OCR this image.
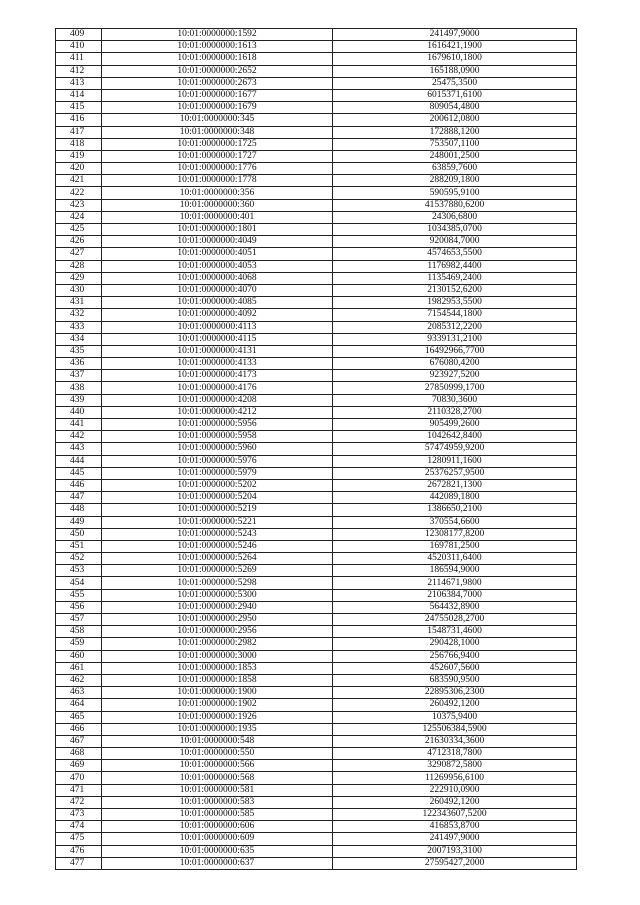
409	10:01:0000000:1592	241497,9000
410	10:01:0000000:1613	1616421,1900
411	10:01:0000000:1618	1679610,1800
412	10:01:0000000:2652	165188,0900
413	10:01:0000000:2673	25475,3500
414	10:01:0000000:1677	6015371,6100
415	10:01:0000000:1679	809054,4800
416	10:01:0000000:345	200612,0800
417	10:01:0000000:348	172888,1200
418	10:01:0000000:1725	753507,1100
419	10:01:0000000:1727	248001,2500
420	10:01:0000000:1776	63859,7600
421	10:01:0000000:1778	288209,1800
422	10:01:0000000:356	590595,9100
423	10:01:0000000:360	41537880,6200
424	10:01:0000000:401	24306,6800
425	10:01:0000000:1801	1034385,0700
426	10:01:0000000:4049	920084,7000
427	10:01:0000000:4051	4574653,5500
428	10:01:0000000:4053	1176982,4400
429	10:01:0000000:4068	1135469,2400
430	10:01:0000000:4070	2130152,6200
431	10:01:0000000:4085	1982953,5500
432	10:01:0000000:4092	7154544,1800
433	10:01:0000000:4113	2085312,2200
434	10:01:0000000:4115	9339131,2100
435	10:01:0000000:4131	16492966,7700
436	10:01:0000000:4133	676080,4200
437	10:01:0000000:4173	923927,5200
438	10:01:0000000:4176	27850999,1700
439	10:01:0000000:4208	70830,3600
440	10:01:0000000:4212	2110328,2700
441	10:01:0000000:5956	905499,2600
442	10:01:0000000:5958	1042642,8400
443	10:01:0000000:5960	57474959,9200
444	10:01:0000000:5976	1280911,1600
445	10:01:0000000:5979	25376257,9500
446	10:01:0000000:5202	2672821,1300
447	10:01:0000000:5204	442089,1800
448	10:01:0000000:5219	1386650,2100
449	10:01:0000000:5221	370554,6600
450	10:01:0000000:5243	12308177,8200
451	10:01:0000000:5246	169781,2500
452	10:01:0000000:5264	4520311,6400
453	10:01:0000000:5269	186594,9000
454	10:01:0000000:5298	2114671,9800
455	10:01:0000000:5300	2106384,7000
456	10:01:0000000:2940	564432,8900
457	10:01:0000000:2950	24755028,2700
458	10:01:0000000:2956	1548731,4600
459	10:01:0000000:2982	290428,1000
460	10:01:0000000:3000	256766,9400
461	10:01:0000000:1853	452607,5600
462	10:01:0000000:1858	683590,9500
463	10:01:0000000:1900	22895306,2300
464	10:01:0000000:1902	260492,1200
465	10:01:0000000:1926	10375,9400
466	10:01:0000000:1935	125506384,5900
467	10:01:0000000:548	21630334,3600
468	10:01:0000000:550	4712318,7800
469	10:01:0000000:566	3290872,5800
470	10:01:0000000:568	11269956,6100
471	10:01:0000000:581	222910,0900
472	10:01:0000000:583	260492,1200
473	10:01:0000000:585	122343607,5200
474	10:01:0000000:606	416853,8700
475	10:01:0000000:609	241497,9000
476	10:01:0000000:635	2007193,3100
477	10:01:0000000:637	27595427,2000
